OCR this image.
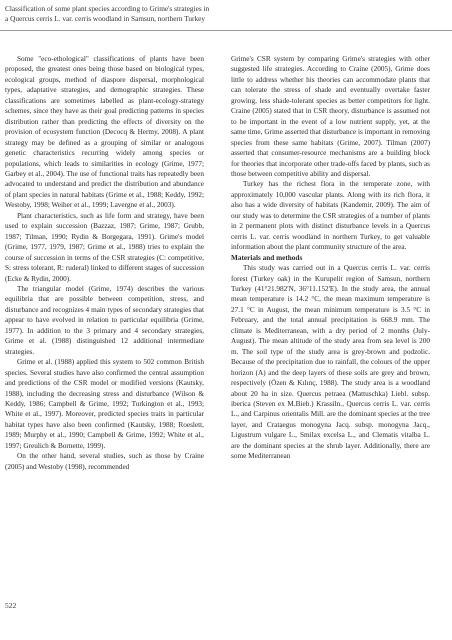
Classification of some plant species according to Grime's strategies in
a Quercus cerris L. var. cerris woodland in Samsun, northern Turkey

Some "eco-ethological" classifications of plants have been proposed, the greatest ones being those based on biological types, ecological groups, method of diaspore dispersal, morphological types, adaptative strategies, and demographic strategies. These classifications are sometimes labelled as plant-ecology-strategy schemes, since they have as their goal predicting patterns in species distribution rather than predicting the effects of diversity on the provision of ecosystem function (Decocq & Hermy, 2008). A plant strategy may be defined as a grouping of similar or analogous genetic characteristics recurring widely among species or populations, which leads to similarities in ecology (Grime, 1977; Garbey et al., 2004). The use of functional traits has repeatedly been advocated to understand and predict the distribution and abundance of plant species in natural habitats (Grime et al., 1988; Keddy, 1992; Westoby, 1998; Weiher et al., 1999; Lavergne et al., 2003).

Plant characteristics, such as life form and strategy, have been used to explain succession (Bazzaz, 1987; Grime, 1987; Grubb, 1987; Tilman, 1990; Rydin & Borgegara, 1991). Grime's model (Grime, 1977, 1979, 1987; Grime et al., 1988) tries to explain the course of succession in terms of the CSR strategies (C: competitive, S: stress tolerant, R: ruderal) linked to different stages of succession (Ecke & Rydin, 2000).

The triangular model (Grime, 1974) describes the various equilibria that are possible between competition, stress, and disturbance and recognizes 4 main types of secondary strategies that appear to have evolved in relation to particular equilibria (Grime, 1977). In addition to the 3 primary and 4 secondary strategies, Grime et al. (1988) distinguished 12 additional intermediate strategies.

Grime et al. (1988) applied this system to 502 common British species. Several studies have also confirmed the central assumption and predictions of the CSR model or modified versions (Kautsky, 1988), including the decreasing stress and disturbance (Wilson & Keddy, 1986; Campbell & Grime, 1992; Turkington et al., 1993; White et al., 1997). Moreover, predicted species traits in particular habitat types have also been confirmed (Kautsky, 1988; Roeslett, 1989; Murphy et al., 1990; Campbell & Grime, 1992; White et al., 1997; Greulich & Bornette, 1999).

On the other hand, several studies, such as those by Craine (2005) and Westoby (1998), recommended

Grime's CSR system by comparing Grime's strategies with other suggested life strategies. According to Craine (2005), Grime does little to address whether his theories can accommodate plants that can tolerate the stress of shade and eventually overtake faster growing, less shade-tolerant species as better competitors for light. Craine (2005) stated that in CSR theory, disturbance is assumed not to be important in the event of a low nutrient supply, yet, at the same time, Grime asserted that disturbance is important in removing species from these same habitats (Grime, 2007). Tilman (2007) asserted that consumer-resource mechanisms are a building block for theories that incorporate other trade-offs faced by plants, such as those between competitive ability and dispersal.

Turkey has the richest flora in the temperate zone, with approximately 10,000 vascular plants. Along with its rich flora, it also has a wide diversity of habitats (Kandemir, 2009). The aim of our study was to determine the CSR strategies of a number of plants in 2 permanent plots with distinct disturbance levels in a Quercus cerris L. var. cerris woodland in northern Turkey, to get valuable information about the plant community structure of the area.

Materials and methods

This study was carried out in a Quercus cerris L. var. cerris forest (Turkey oak) in the Kurupelit region of Samsun, northern Turkey (41°21.982'N, 36°11.152'E). In the study area, the annual mean temperature is 14.2 °C, the mean maximum temperature is 27.1 °C in August, the mean minimum temperature is 3.5 °C in February, and the total annual precipitation is 668.9 mm. The climate is Mediterranean, with a dry period of 2 months (July-August). The mean altitude of the study area from sea level is 200 m. The soil type of the study area is grey-brown and podzolic. Because of the precipitation due to rainfall, the colours of the upper horizon (A) and the deep layers of these soils are grey and brown, respectively (Özen & Kılınç, 1988). The study area is a woodland about 20 ha in size. Quercus petraea (Mattuschka) Liebl. subsp. iberica (Steven ex M.Bieb.) Krassiln., Quercus cerris L. var. cerris L., and Carpinus orientalis Mill. are the dominant species at the tree layer, and Crataegus monogyna Jacq. subsp. monogyna Jacq., Ligustrum vulgare L., Smilax excelsa L., and Clematis vitalba L. are the dominant species at the shrub layer. Additionally, there are some Mediterranean

522
